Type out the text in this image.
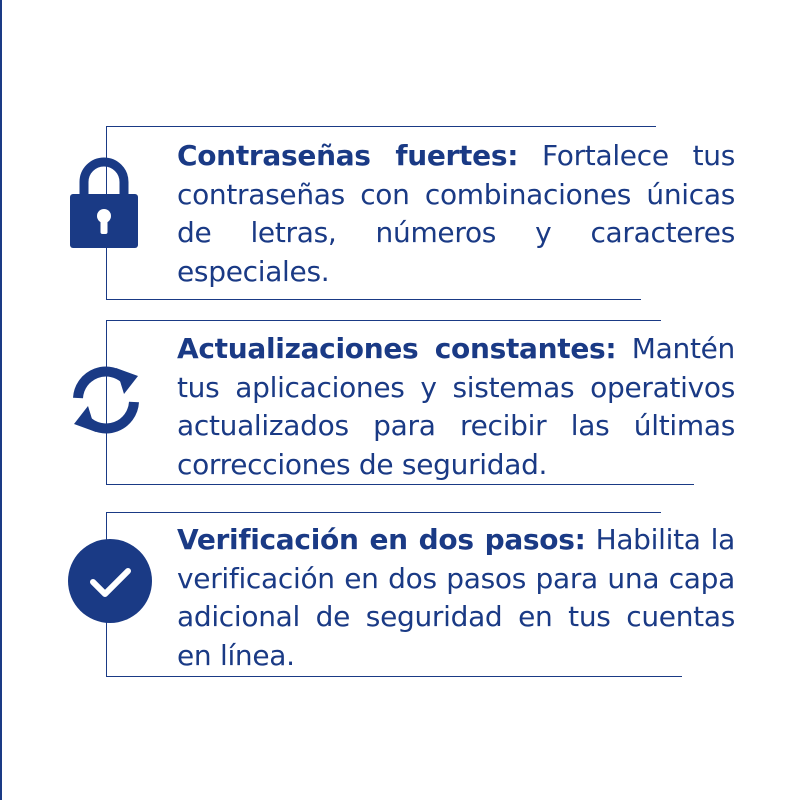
Contraseñas fuertes: Fortalece tus contraseñas con combinaciones únicas de letras, números y caracteres especiales.

Actualizaciones constantes: Mantén tus aplicaciones y sistemas operativos actualizados para recibir las últimas correcciones de seguridad.

Verificación en dos pasos: Habilita la verificación en dos pasos para una capa adicional de seguridad en tus cuentas en línea.
